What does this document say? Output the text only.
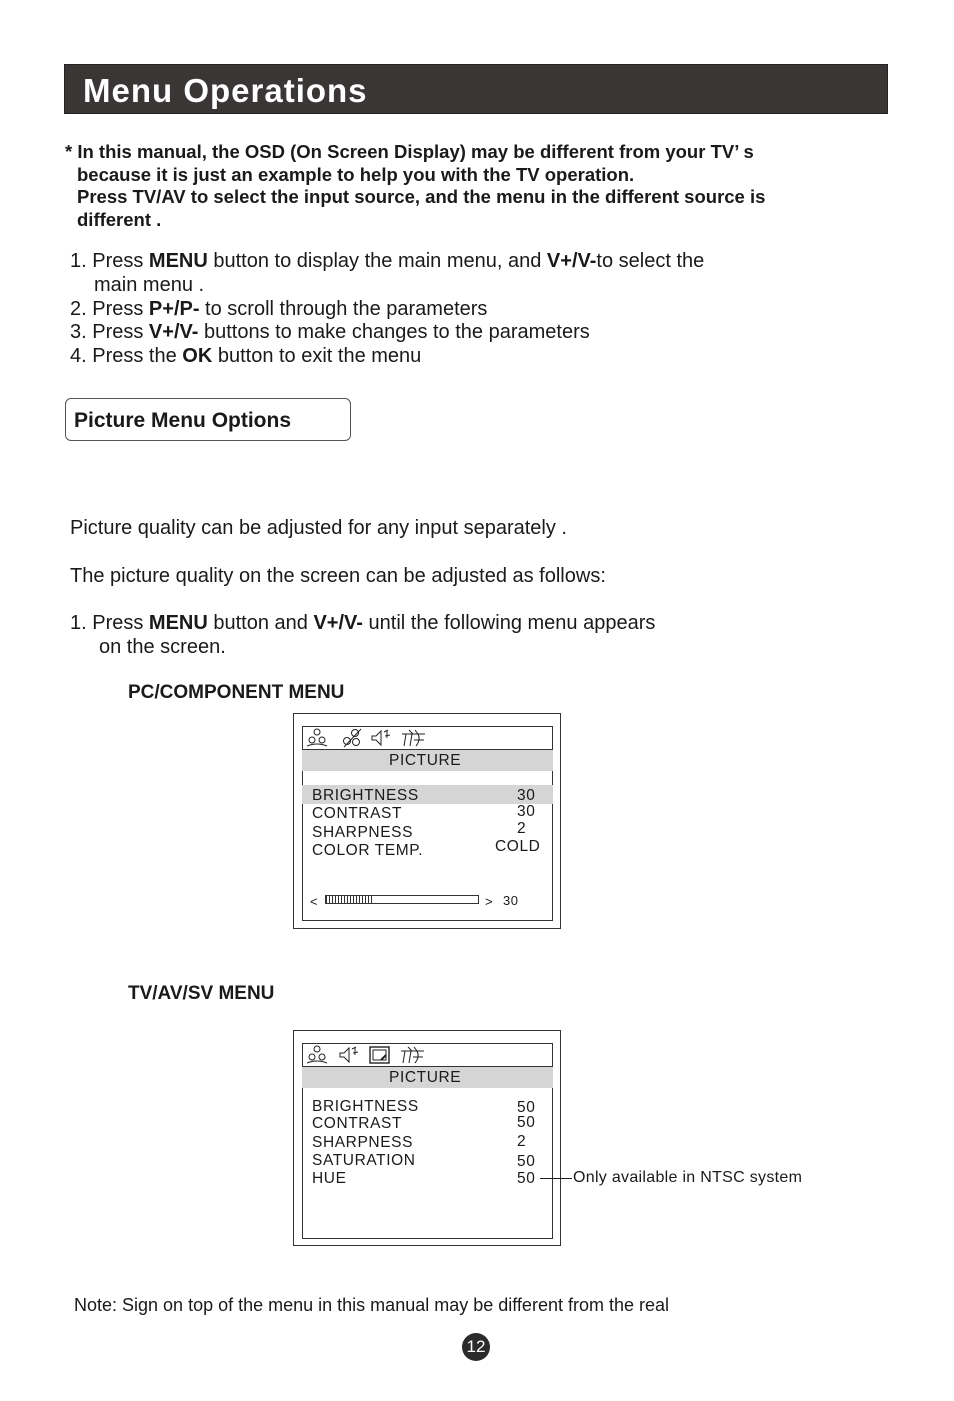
Menu Operations
* In this manual, the OSD (On Screen Display) may be different from your TV’ s
because it is just an example to help you with the TV operation.
Press TV/AV to select the input source, and the menu in the different source is
different .
1. Press MENU button to display the main menu, and V+/V-to select the
main menu .
2. Press P+/P- to scroll through the parameters
3. Press V+/V- buttons to make changes to the parameters
4. Press the OK button to exit the menu
Picture Menu Options
Picture quality can be adjusted for any input separately .
The picture quality on the screen can be adjusted as follows:
1. Press MENU button and V+/V- until the following menu appears
on the screen.
PC/COMPONENT MENU
PICTURE
BRIGHTNESS
CONTRAST
SHARPNESS
COLOR TEMP.
30
30
2
COLD
<	> 30
TV/AV/SV MENU
PICTURE
BRIGHTNESS
CONTRAST
SHARPNESS
SATURATION
HUE
50
50
2
50
50 Only available in NTSC system
Note: Sign on top of the menu in this manual may be different from the real
12
